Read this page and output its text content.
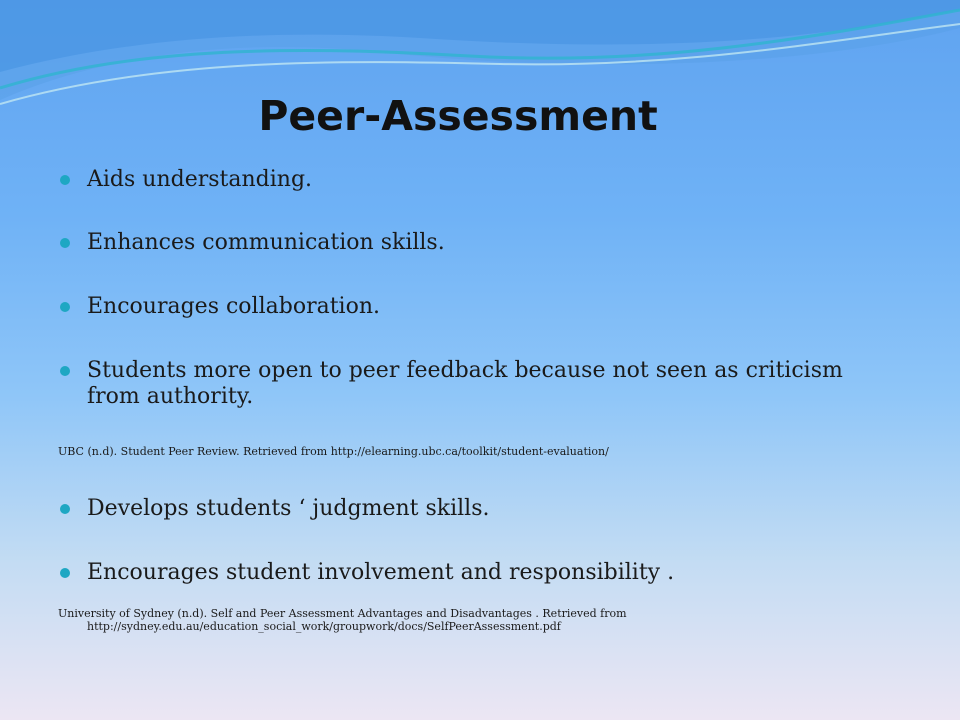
Peer-Assessment
Aids understanding.
Enhances communication skills.
Encourages collaboration.
Students more open to peer feedback because not seen as criticism from authority.
UBC (n.d). Student Peer Review. Retrieved from http://elearning.ubc.ca/toolkit/student-evaluation/
Develops students ‘ judgment skills.
Encourages student involvement and responsibility .
University of Sydney (n.d). Self and Peer Assessment Advantages and Disadvantages . Retrieved from
http://sydney.edu.au/education_social_work/groupwork/docs/SelfPeerAssessment.pdf
